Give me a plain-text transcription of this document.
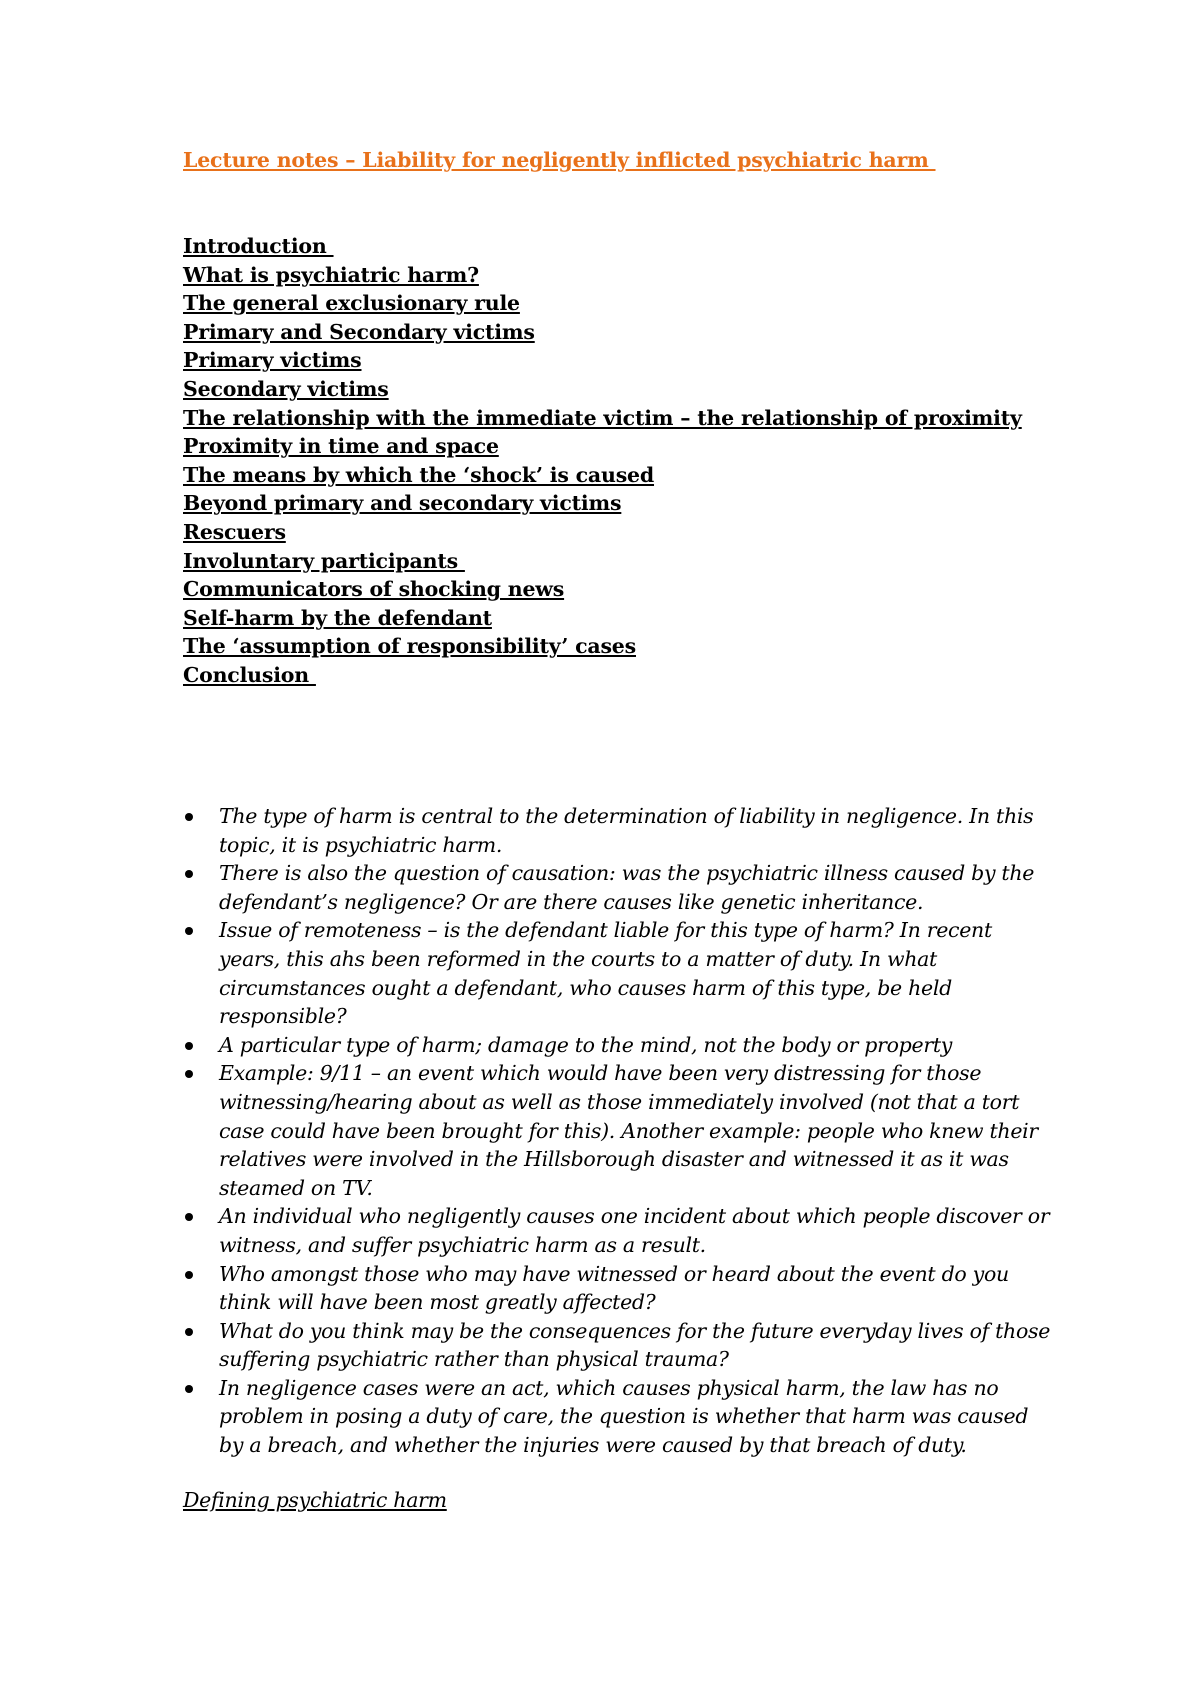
Lecture notes – Liability for negligently inflicted psychiatric harm
Introduction
What is psychiatric harm?
The general exclusionary rule
Primary and Secondary victims
Primary victims
Secondary victims
The relationship with the immediate victim – the relationship of proximity
Proximity in time and space
The means by which the ‘shock’ is caused
Beyond primary and secondary victims
Rescuers
Involuntary participants
Communicators of shocking news
Self-harm by the defendant
The ‘assumption of responsibility’ cases
Conclusion
The type of harm is central to the determination of liability in negligence. In this topic, it is psychiatric harm.
There is also the question of causation: was the psychiatric illness caused by the defendant’s negligence? Or are there causes like genetic inheritance.
Issue of remoteness – is the defendant liable for this type of harm? In recent years, this ahs been reformed in the courts to a matter of duty. In what circumstances ought a defendant, who causes harm of this type, be held responsible?
A particular type of harm; damage to the mind, not the body or property
Example: 9/11 – an event which would have been very distressing for those witnessing/hearing about as well as those immediately involved (not that a tort case could have been brought for this). Another example: people who knew their relatives were involved in the Hillsborough disaster and witnessed it as it was steamed on TV.
An individual who negligently causes one incident about which people discover or witness, and suffer psychiatric harm as a result.
Who amongst those who may have witnessed or heard about the event do you think will have been most greatly affected?
What do you think may be the consequences for the future everyday lives of those suffering psychiatric rather than physical trauma?
In negligence cases were an act, which causes physical harm, the law has no problem in posing a duty of care, the question is whether that harm was caused by a breach, and whether the injuries were caused by that breach of duty.
Defining psychiatric harm
